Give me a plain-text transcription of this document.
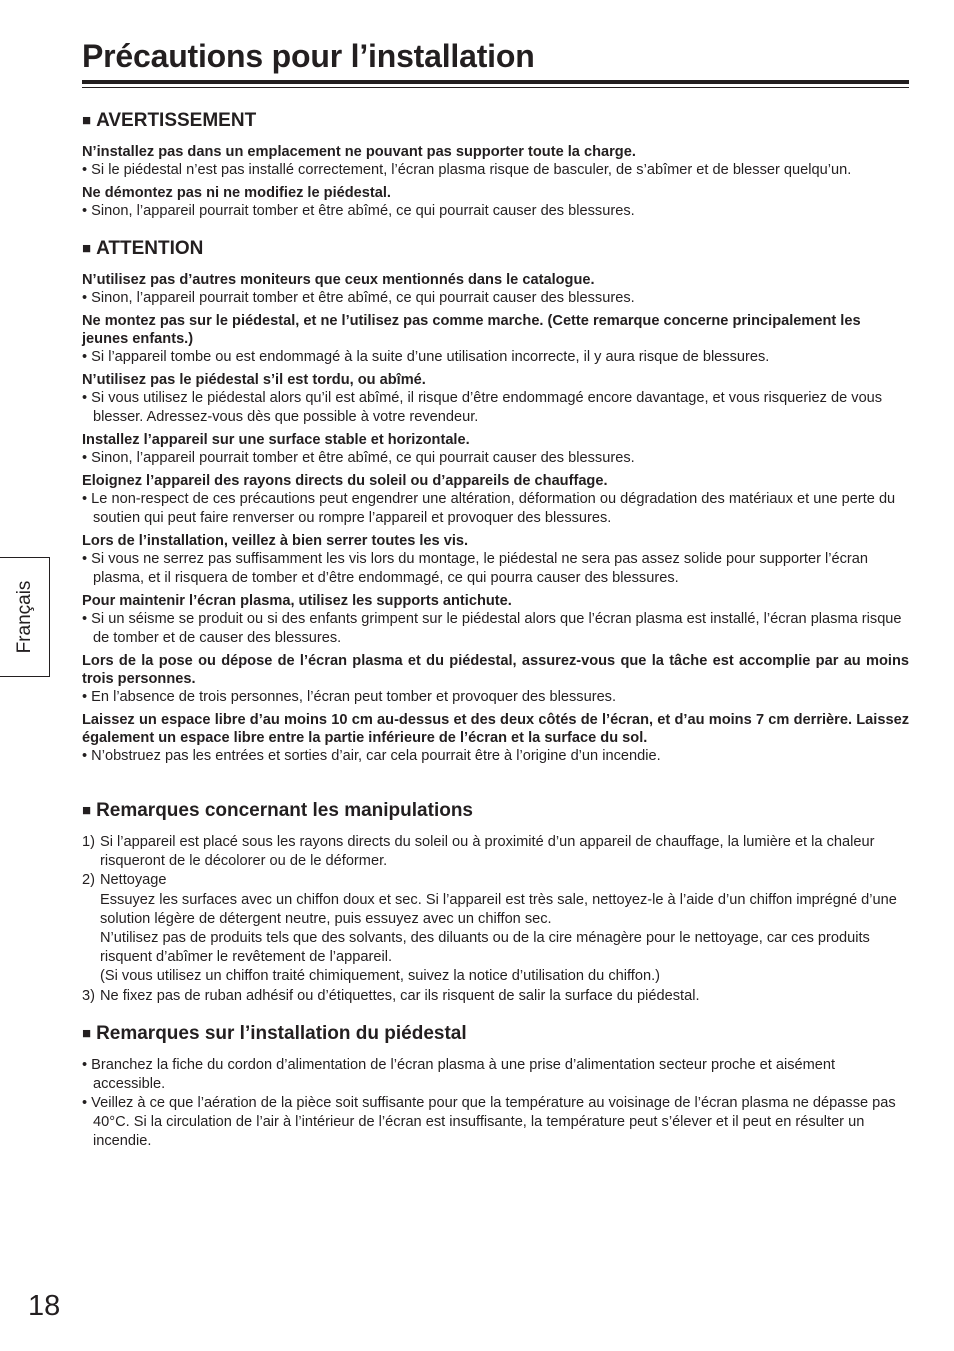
Précautions pour l’installation
Français
18
■ AVERTISSEMENT
N’installez pas dans un emplacement ne pouvant pas supporter toute la charge.
• Si le piédestal n’est pas installé correctement, l’écran plasma risque de basculer, de s’abîmer et de blesser quelqu’un.
Ne démontez pas ni ne modifiez le piédestal.
• Sinon, l’appareil pourrait tomber et être abîmé, ce qui pourrait causer des blessures.
■ ATTENTION
N’utilisez pas d’autres moniteurs que ceux mentionnés dans le catalogue.
• Sinon, l’appareil pourrait tomber et être abîmé, ce qui pourrait causer des blessures.
Ne montez pas sur le piédestal, et ne l’utilisez pas comme marche. (Cette remarque concerne principalement les jeunes enfants.)
• Si l’appareil tombe ou est endommagé à la suite d’une utilisation incorrecte, il y aura risque de blessures.
N’utilisez pas le piédestal s’il est tordu, ou abîmé.
• Si vous utilisez le piédestal alors qu’il est abîmé, il risque d’être endommagé encore davantage, et vous risqueriez de vous blesser. Adressez-vous dès que possible à votre revendeur.
Installez l’appareil sur une surface stable et horizontale.
• Sinon, l’appareil pourrait tomber et être abîmé, ce qui pourrait causer des blessures.
Eloignez l’appareil des rayons directs du soleil ou d’appareils de chauffage.
• Le non-respect de ces précautions peut engendrer une altération, déformation ou dégradation des matériaux et une perte du soutien qui peut faire renverser ou rompre l’appareil et provoquer des blessures.
Lors de l’installation, veillez à bien serrer toutes les vis.
• Si vous ne serrez pas suffisamment les vis lors du montage, le piédestal ne sera pas assez solide pour supporter l’écran plasma, et il risquera de tomber et d’être endommagé, ce qui pourra causer des blessures.
Pour maintenir l’écran plasma, utilisez les supports antichute.
• Si un séisme se produit ou si des enfants grimpent sur le piédestal alors que l’écran plasma est installé, l’écran plasma risque de tomber et de causer des blessures.
Lors de la pose ou dépose de l’écran plasma et du piédestal, assurez-vous que la tâche est accomplie par au moins trois personnes.
• En l’absence de trois personnes, l’écran peut tomber et provoquer des blessures.
Laissez un espace libre d’au moins 10 cm au-dessus et des deux côtés de l’écran, et d’au moins 7 cm derrière. Laissez également un espace libre entre la partie inférieure de l’écran et la surface du sol.
• N’obstruez pas les entrées et sorties d’air, car cela pourrait être à l’origine d’un incendie.
■ Remarques concernant les manipulations
1) Si l’appareil est placé sous les rayons directs du soleil ou à proximité d’un appareil de chauffage, la lumière et la chaleur risqueront de le décolorer ou de le déformer.
2) Nettoyage
Essuyez les surfaces avec un chiffon doux et sec. Si l’appareil est très sale, nettoyez-le à l’aide d’un chiffon imprégné d’une solution légère de détergent neutre, puis essuyez avec un chiffon sec.
N’utilisez pas de produits tels que des solvants, des diluants ou de la cire ménagère pour le nettoyage, car ces produits risquent d’abîmer le revêtement de l’appareil.
(Si vous utilisez un chiffon traité chimiquement, suivez la notice d’utilisation du chiffon.)
3) Ne fixez pas de ruban adhésif ou d’étiquettes, car ils risquent de salir la surface du piédestal.
■ Remarques sur l’installation du piédestal
• Branchez la fiche du cordon d’alimentation de l’écran plasma à une prise d’alimentation secteur proche et aisément accessible.
• Veillez à ce que l’aération de la pièce soit suffisante pour que la température au voisinage de l’écran plasma ne dépasse pas 40°C. Si la circulation de l’air à l’intérieur de l’écran est insuffisante, la température peut s’élever et il peut en résulter un incendie.
